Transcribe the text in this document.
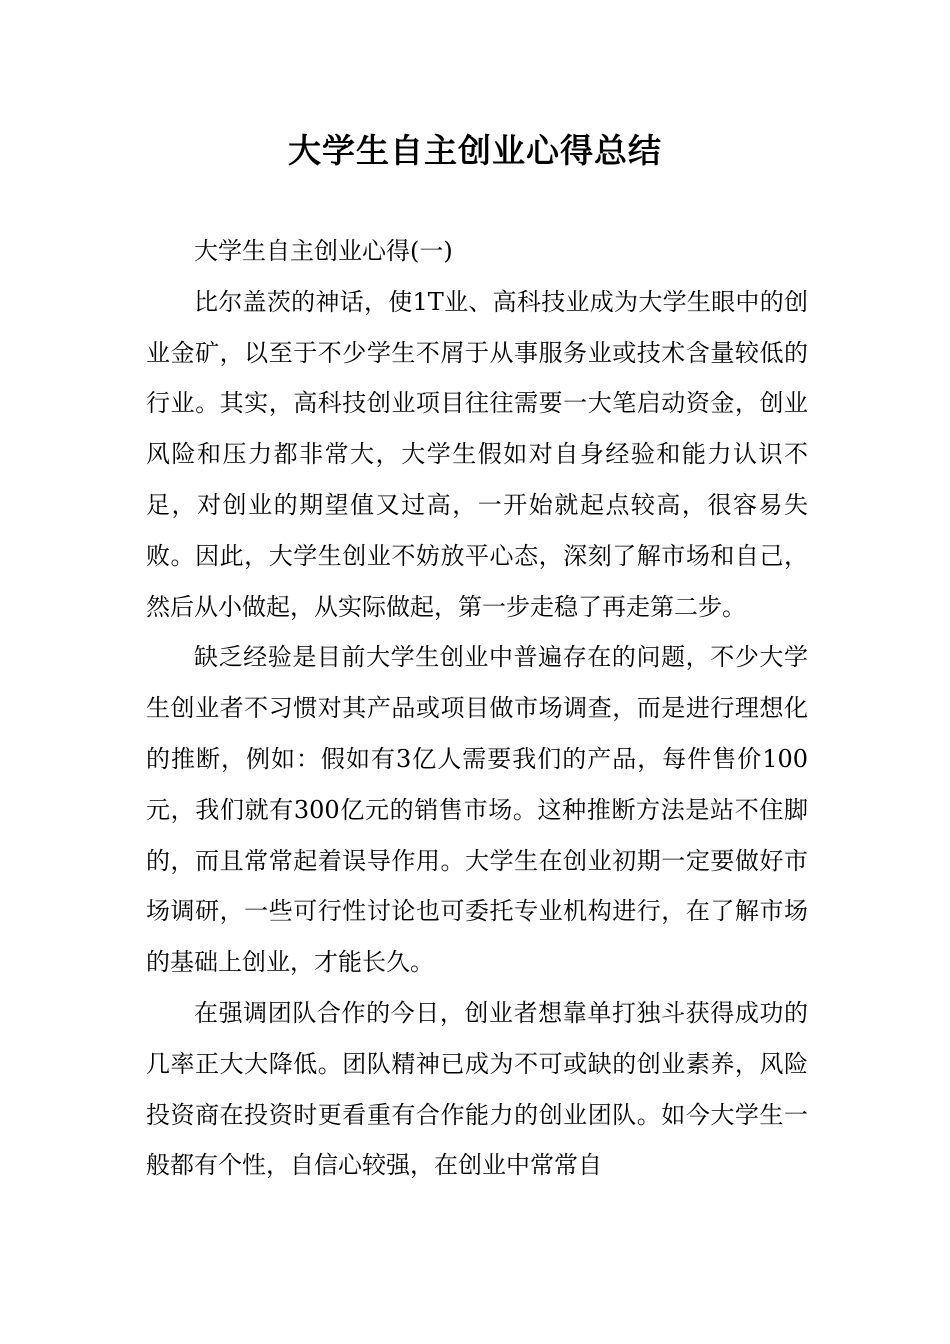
大学生自主创业心得总结

大学生自主创业心得(一)

比尔盖茨的神话，使1T业、高科技业成为大学生眼中的创业金矿，以至于不少学生不屑于从事服务业或技术含量较低的行业。其实，高科技创业项目往往需要一大笔启动资金，创业风险和压力都非常大，大学生假如对自身经验和能力认识不足，对创业的期望值又过高，一开始就起点较高，很容易失败。因此，大学生创业不妨放平心态，深刻了解市场和自己，然后从小做起，从实际做起，第一步走稳了再走第二步。

缺乏经验是目前大学生创业中普遍存在的问题，不少大学生创业者不习惯对其产品或项目做市场调查，而是进行理想化的推断，例如：假如有3亿人需要我们的产品，每件售价100元，我们就有300亿元的销售市场。这种推断方法是站不住脚的，而且常常起着误导作用。大学生在创业初期一定要做好市场调研，一些可行性讨论也可委托专业机构进行，在了解市场的基础上创业，才能长久。

在强调团队合作的今日，创业者想靠单打独斗获得成功的几率正大大降低。团队精神已成为不可或缺的创业素养，风险投资商在投资时更看重有合作能力的创业团队。如今大学生一般都有个性，自信心较强，在创业中常常自
